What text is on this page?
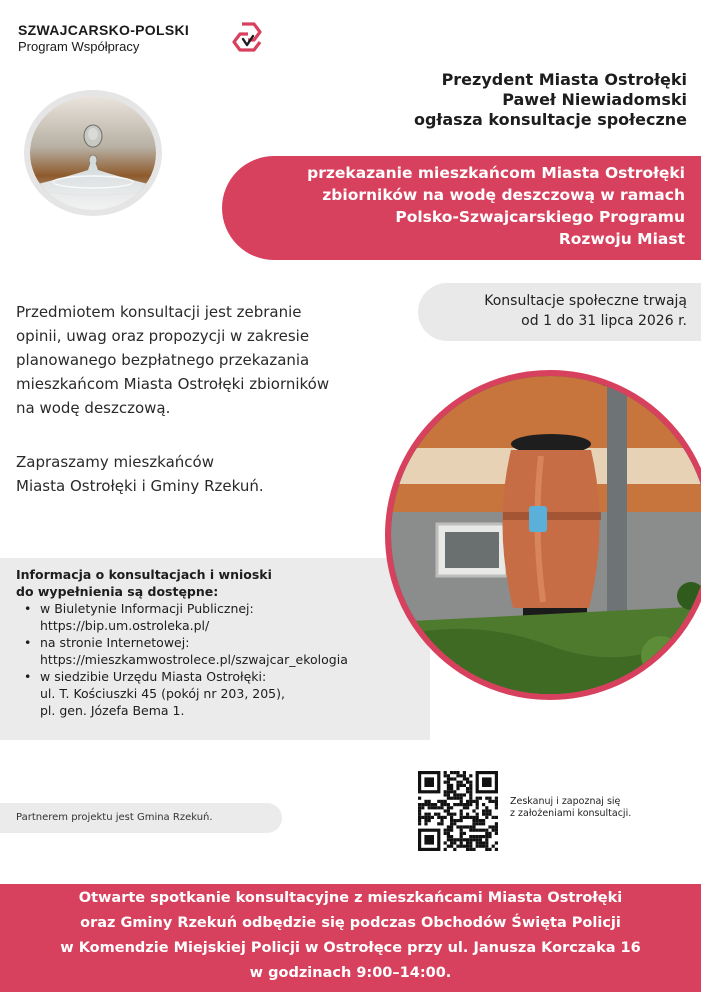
SZWAJCARSKO-POLSKI
Program Współpracy
Prezydent Miasta Ostrołęki
Paweł Niewiadomski
ogłasza konsultacje społeczne
przekazanie mieszkańcom Miasta Ostrołęki
zbiorników na wodę deszczową w ramach
Polsko-Szwajcarskiego Programu
Rozwoju Miast
Konsultacje społeczne trwają
od 1 do 31 lipca 2026 r.
Przedmiotem konsultacji jest zebranie
opinii, uwag oraz propozycji w zakresie
planowanego bezpłatnego przekazania
mieszkańcom Miasta Ostrołęki zbiorników
na wodę deszczową.
Zapraszamy mieszkańców
Miasta Ostrołęki i Gminy Rzekuń.
Informacja o konsultacjach i wnioski
do wypełnienia są dostępne:
• w Biuletynie Informacji Publicznej:
https://bip.um.ostroleka.pl/
• na stronie Internetowej:
https://mieszkamwostrolece.pl/szwajcar_ekologia
• w siedzibie Urzędu Miasta Ostrołęki:
ul. T. Kościuszki 45 (pokój nr 203, 205),
pl. gen. Józefa Bema 1.
Partnerem projektu jest Gmina Rzekuń.
Zeskanuj i zapoznaj się
z założeniami konsultacji.
Otwarte spotkanie konsultacyjne z mieszkańcami Miasta Ostrołęki
oraz Gminy Rzekuń odbędzie się podczas Obchodów Święta Policji
w Komendzie Miejskiej Policji w Ostrołęce przy ul. Janusza Korczaka 16
w godzinach 9:00–14:00.
